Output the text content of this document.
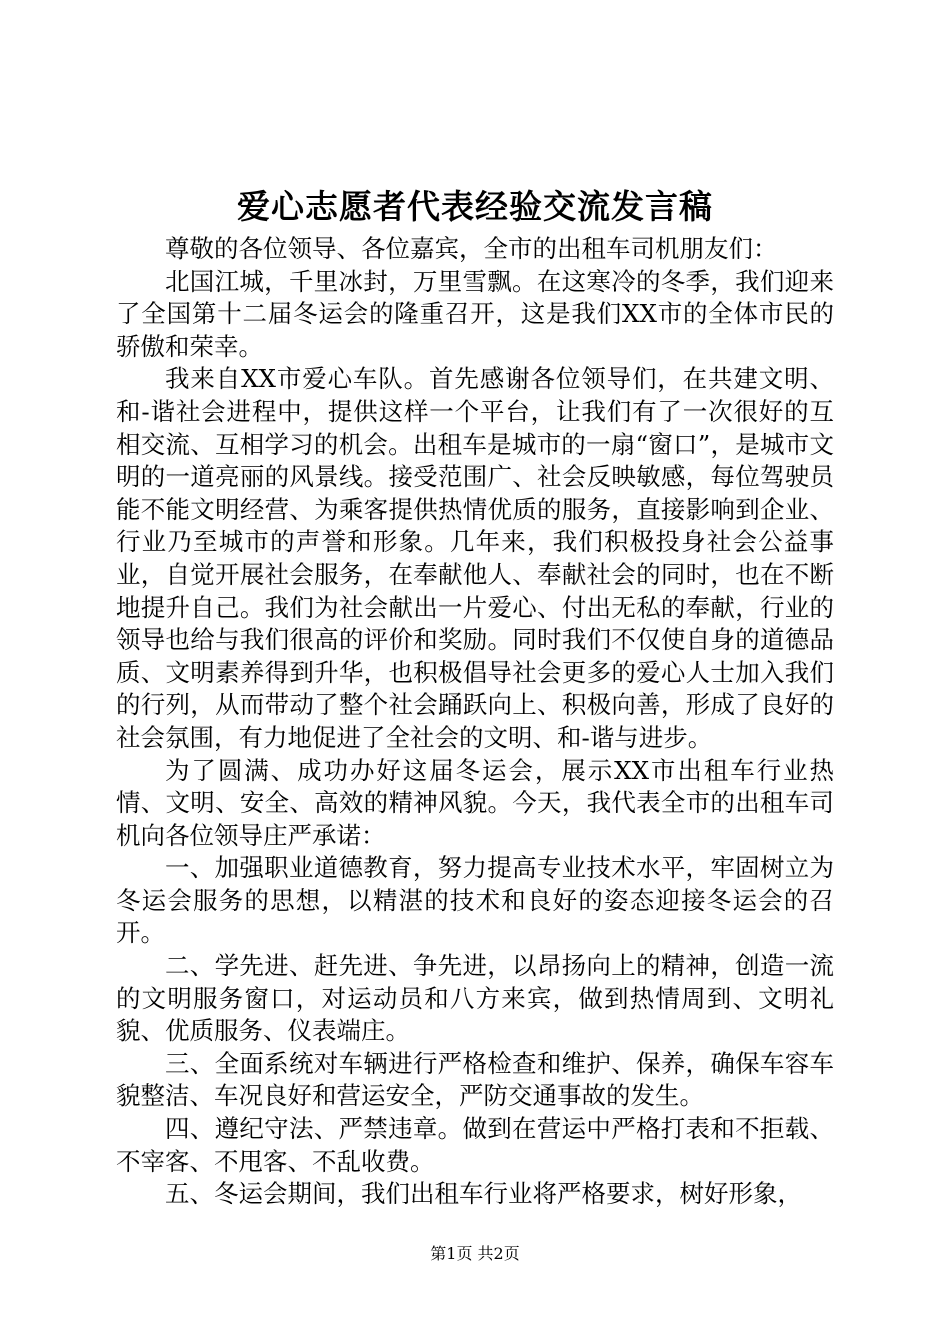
爱心志愿者代表经验交流发言稿

尊敬的各位领导、各位嘉宾，全市的出租车司机朋友们：

北国江城，千里冰封，万里雪飘。在这寒冷的冬季，我们迎来了全国第十二届冬运会的隆重召开，这是我们XX市的全体市民的骄傲和荣幸。

我来自XX市爱心车队。首先感谢各位领导们，在共建文明、和-谐社会进程中，提供这样一个平台，让我们有了一次很好的互相交流、互相学习的机会。出租车是城市的一扇“窗口”，是城市文明的一道亮丽的风景线。接受范围广、社会反映敏感，每位驾驶员能不能文明经营、为乘客提供热情优质的服务，直接影响到企业、行业乃至城市的声誉和形象。几年来，我们积极投身社会公益事业，自觉开展社会服务，在奉献他人、奉献社会的同时，也在不断地提升自己。我们为社会献出一片爱心、付出无私的奉献，行业的领导也给与我们很高的评价和奖励。同时我们不仅使自身的道德品质、文明素养得到升华，也积极倡导社会更多的爱心人士加入我们的行列，从而带动了整个社会踊跃向上、积极向善，形成了良好的社会氛围，有力地促进了全社会的文明、和-谐与进步。

为了圆满、成功办好这届冬运会，展示XX市出租车行业热情、文明、安全、高效的精神风貌。今天，我代表全市的出租车司机向各位领导庄严承诺：

一、加强职业道德教育，努力提高专业技术水平，牢固树立为冬运会服务的思想，以精湛的技术和良好的姿态迎接冬运会的召开。

二、学先进、赶先进、争先进，以昂扬向上的精神，创造一流的文明服务窗口，对运动员和八方来宾，做到热情周到、文明礼貌、优质服务、仪表端庄。

三、全面系统对车辆进行严格检查和维护、保养，确保车容车貌整洁、车况良好和营运安全，严防交通事故的发生。

四、遵纪守法、严禁违章。做到在营运中严格打表和不拒载、不宰客、不甩客、不乱收费。

五、冬运会期间，我们出租车行业将严格要求，树好形象，

第1页 共2页
